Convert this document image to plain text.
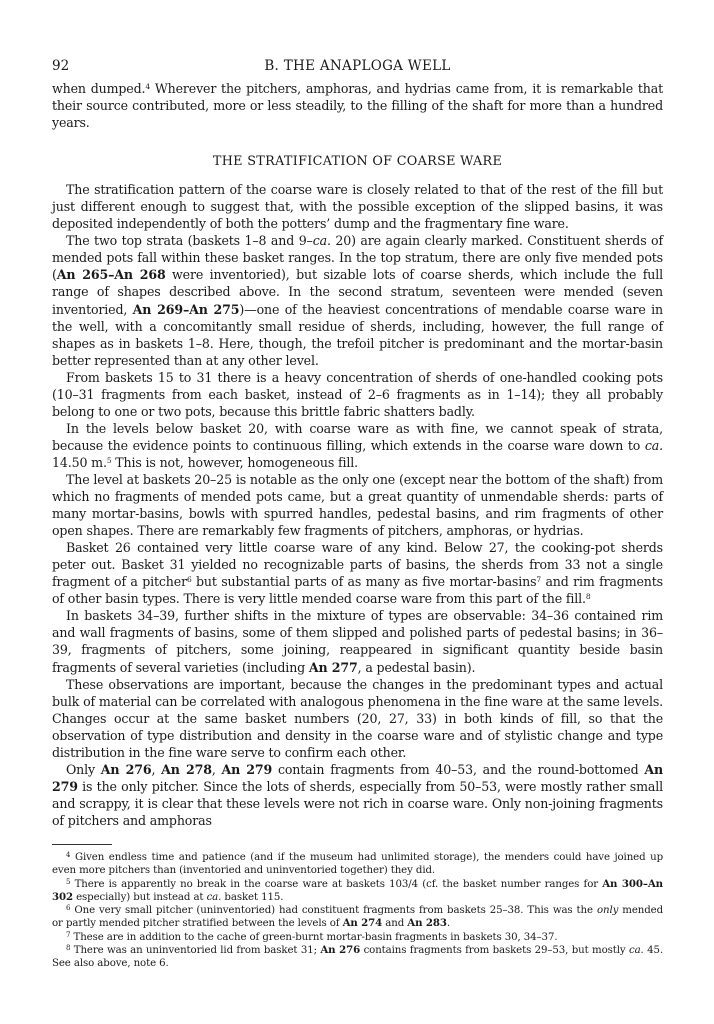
92	B. THE ANAPLOGA WELL

when dumped.$^4$ Wherever the pitchers, amphoras, and hydrias came from, it is remarkable that their source contributed, more or less steadily, to the filling of the shaft for more than a hundred years.

THE STRATIFICATION OF COARSE WARE

The stratification pattern of the coarse ware is closely related to that of the rest of the fill but just different enough to suggest that, with the possible exception of the slipped basins, it was deposited independently of both the potters’ dump and the fragmentary fine ware.

The two top strata (baskets 1–8 and 9–ca. 20) are again clearly marked. Constituent sherds of mended pots fall within these basket ranges. In the top stratum, there are only five mended pots (An 265–An 268 were inventoried), but sizable lots of coarse sherds, which include the full range of shapes described above. In the second stratum, seventeen were mended (seven inventoried, An 269–An 275)—one of the heaviest concentrations of mendable coarse ware in the well, with a concomitantly small residue of sherds, including, however, the full range of shapes as in baskets 1–8. Here, though, the trefoil pitcher is predominant and the mortar-basin better represented than at any other level.

From baskets 15 to 31 there is a heavy concentration of sherds of one-handled cooking pots (10–31 fragments from each basket, instead of 2–6 fragments as in 1–14); they all probably belong to one or two pots, because this brittle fabric shatters badly.

In the levels below basket 20, with coarse ware as with fine, we cannot speak of strata, because the evidence points to continuous filling, which extends in the coarse ware down to ca. 14.50 m.$^5$ This is not, however, homogeneous fill.

The level at baskets 20–25 is notable as the only one (except near the bottom of the shaft) from which no fragments of mended pots came, but a great quantity of unmendable sherds: parts of many mortar-basins, bowls with spurred handles, pedestal basins, and rim fragments of other open shapes. There are remarkably few fragments of pitchers, amphoras, or hydrias.

Basket 26 contained very little coarse ware of any kind. Below 27, the cooking-pot sherds peter out. Basket 31 yielded no recognizable parts of basins, the sherds from 33 not a single fragment of a pitcher$^6$ but substantial parts of as many as five mortar-basins$^7$ and rim fragments of other basin types. There is very little mended coarse ware from this part of the fill.$^8$

In baskets 34–39, further shifts in the mixture of types are observable: 34–36 contained rim and wall fragments of basins, some of them slipped and polished parts of pedestal basins; in 36–39, fragments of pitchers, some joining, reappeared in significant quantity beside basin fragments of several varieties (including An 277, a pedestal basin).

These observations are important, because the changes in the predominant types and actual bulk of material can be correlated with analogous phenomena in the fine ware at the same levels. Changes occur at the same basket numbers (20, 27, 33) in both kinds of fill, so that the observation of type distribution and density in the coarse ware and of stylistic change and type distribution in the fine ware serve to confirm each other.

Only An 276, An 278, An 279 contain fragments from 40–53, and the round-bottomed An 279 is the only pitcher. Since the lots of sherds, especially from 50–53, were mostly rather small and scrappy, it is clear that these levels were not rich in coarse ware. Only non-joining fragments of pitchers and amphoras

$^4$ Given endless time and patience (and if the museum had unlimited storage), the menders could have joined up even more pitchers than (inventoried and uninventoried together) they did.

$^5$ There is apparently no break in the coarse ware at baskets 103/4 (cf. the basket number ranges for An 300–An 302 especially) but instead at ca. basket 115.

$^6$ One very small pitcher (uninventoried) had constituent fragments from baskets 25–38. This was the only mended or partly mended pitcher stratified between the levels of An 274 and An 283.

$^7$ These are in addition to the cache of green-burnt mortar-basin fragments in baskets 30, 34–37.

$^8$ There was an uninventoried lid from basket 31; An 276 contains fragments from baskets 29–53, but mostly ca. 45. See also above, note 6.
